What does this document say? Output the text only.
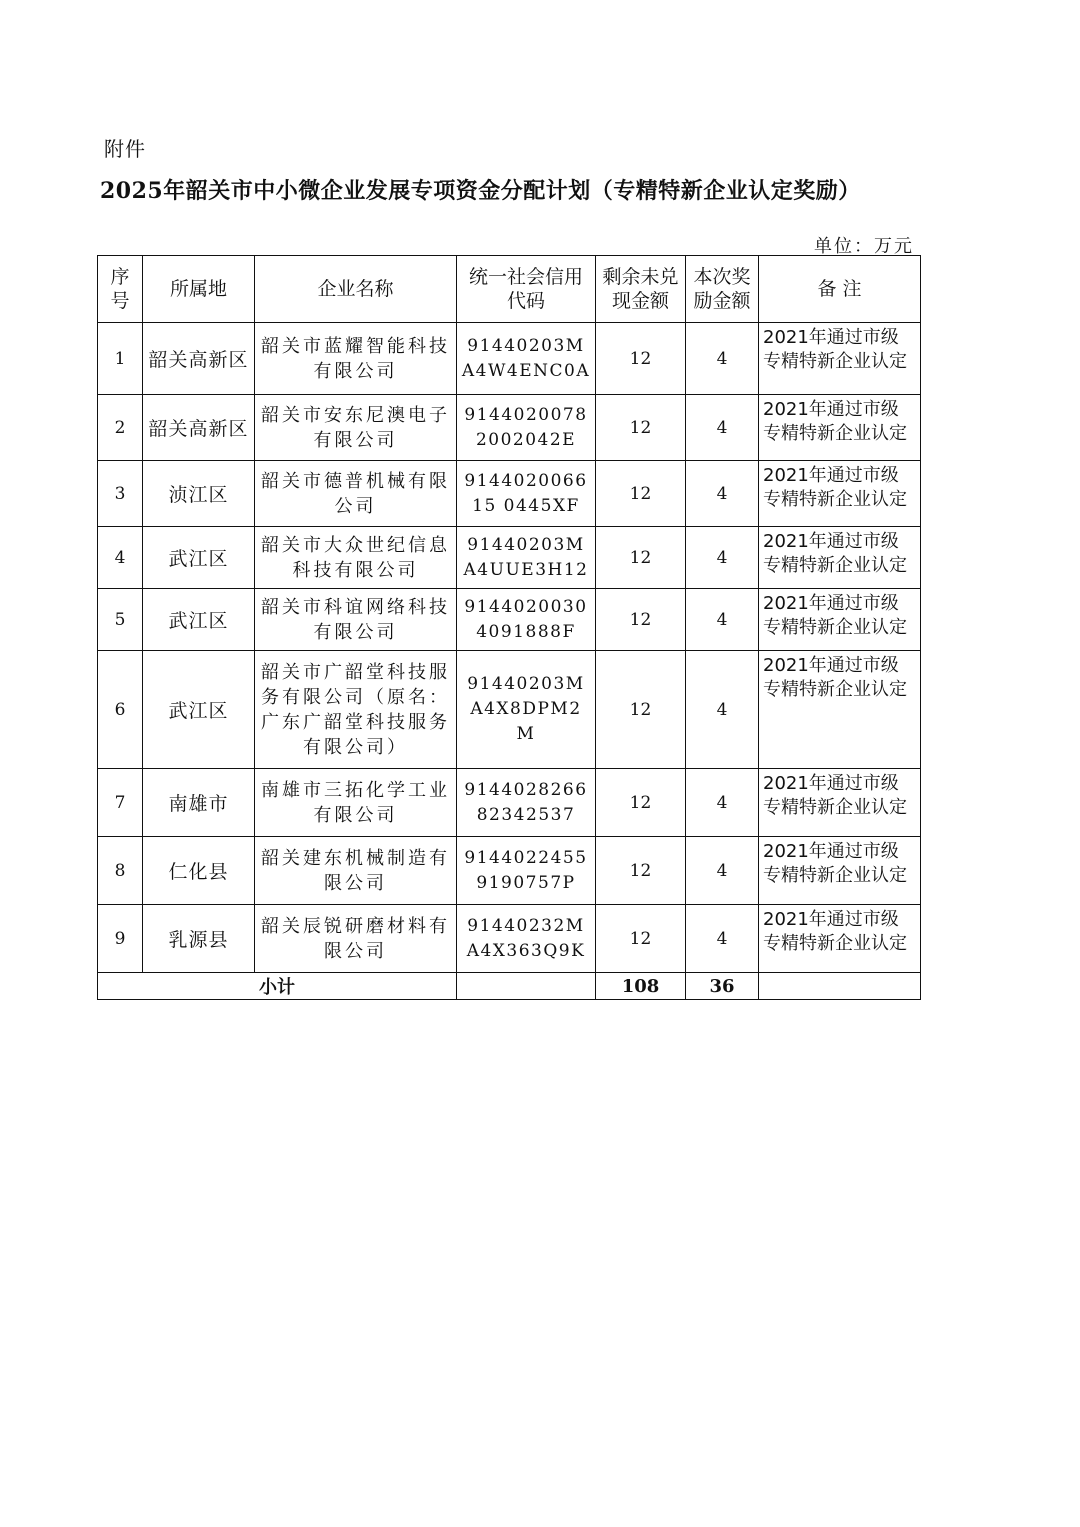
附件
2025年韶关市中小微企业发展专项资金分配计划（专精特新企业认定奖励）
单位：万元
序号	所属地	企业名称	统一社会信用代码	剩余未兑现金额	本次奖励金额	备 注

1	韶关高新区	韶关市蓝耀智能科技有限公司	91440203MA4W4ENC0A	12	4	2021年通过市级专精特新企业认定

2	韶关高新区	韶关市安东尼澳电子有限公司	91440200782002042E	12	4	2021年通过市级专精特新企业认定

3	浈江区	韶关市德普机械有限公司	914402006615 0445XF	12	4	2021年通过市级专精特新企业认定

4	武江区	韶关市大众世纪信息科技有限公司	91440203MA4UUE3H12	12	4	2021年通过市级专精特新企业认定

5	武江区	韶关市科谊网络科技有限公司	91440200304091888F	12	4	2021年通过市级专精特新企业认定

6	武江区	韶关市广韶堂科技服务有限公司（原名：广东广韶堂科技服务有限公司）	91440203MA4X8DPM2M	12	4	2021年通过市级专精特新企业认定

7	南雄市	南雄市三拓化学工业有限公司	914402826682342537	12	4	2021年通过市级专精特新企业认定

8	仁化县	韶关建东机械制造有限公司	91440224559190757P	12	4	2021年通过市级专精特新企业认定

9	乳源县	韶关辰锐研磨材料有限公司	91440232MA4X363Q9K	12	4	2021年通过市级专精特新企业认定

小计				108	36	
